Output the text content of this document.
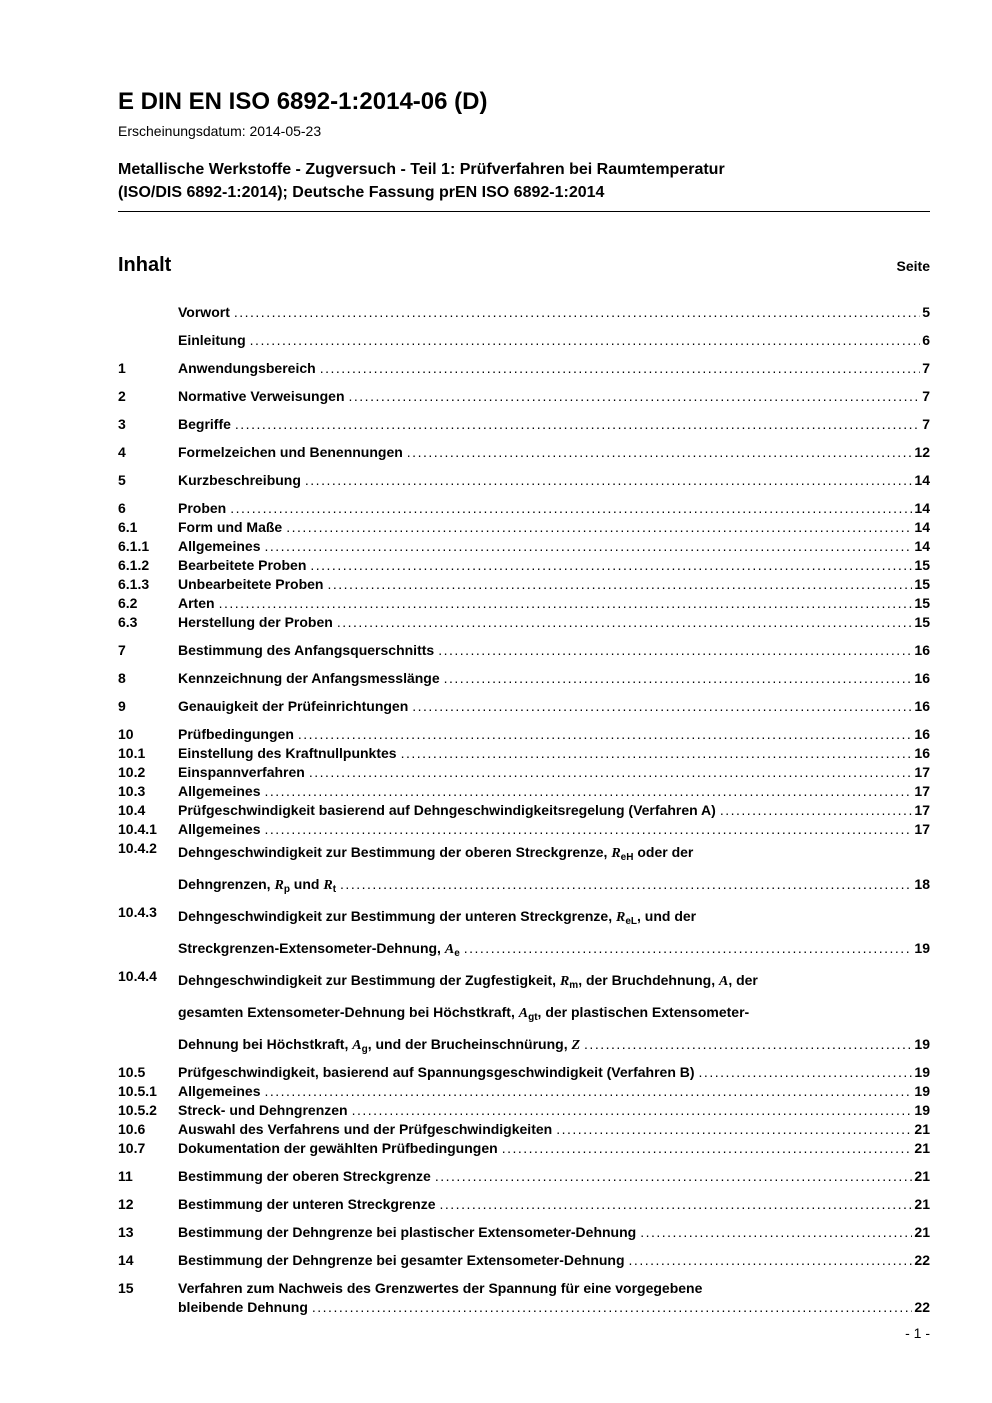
E DIN EN ISO 6892-1:2014-06 (D)
Erscheinungsdatum: 2014-05-23
Metallische Werkstoffe - Zugversuch - Teil 1: Prüfverfahren bei Raumtemperatur
(ISO/DIS 6892-1:2014); Deutsche Fassung prEN ISO 6892-1:2014
Inhalt	Seite
Vorwort .....	5
Einleitung .....	6
1	Anwendungsbereich .....	7
2	Normative Verweisungen .....	7
3	Begriffe .....	7
4	Formelzeichen und Benennungen .....	12
5	Kurzbeschreibung .....	14
6	Proben .....	14
6.1	Form und Maße .....	14
6.1.1	Allgemeines .....	14
6.1.2	Bearbeitete Proben .....	15
6.1.3	Unbearbeitete Proben .....	15
6.2	Arten .....	15
6.3	Herstellung der Proben .....	15
7	Bestimmung des Anfangsquerschnitts .....	16
8	Kennzeichnung der Anfangsmesslänge .....	16
9	Genauigkeit der Prüfeinrichtungen .....	16
10	Prüfbedingungen .....	16
10.1	Einstellung des Kraftnullpunktes .....	16
10.2	Einspannverfahren .....	17
10.3	Allgemeines .....	17
10.4	Prüfgeschwindigkeit basierend auf Dehngeschwindigkeitsregelung (Verfahren A) .....	17
10.4.1	Allgemeines .....	17
10.4.2	Dehngeschwindigkeit zur Bestimmung der oberen Streckgrenze, $R_{eH}$ oder der
Dehngrenzen, $R_p$ und $R_t$ .....	18
10.4.3	Dehngeschwindigkeit zur Bestimmung der unteren Streckgrenze, $R_{eL}$, und der
Streckgrenzen-Extensometer-Dehnung, $A_e$ .....	19
10.4.4	Dehngeschwindigkeit zur Bestimmung der Zugfestigkeit, $R_m$, der Bruchdehnung, A, der
gesamten Extensometer-Dehnung bei Höchstkraft, $A_{gt}$, der plastischen Extensometer-
Dehnung bei Höchstkraft, $A_g$, und der Brucheinschnürung, Z .....	19
10.5	Prüfgeschwindigkeit, basierend auf Spannungsgeschwindigkeit (Verfahren B) .....	19
10.5.1	Allgemeines .....	19
10.5.2	Streck- und Dehngrenzen .....	19
10.6	Auswahl des Verfahrens und der Prüfgeschwindigkeiten .....	21
10.7	Dokumentation der gewählten Prüfbedingungen .....	21
11	Bestimmung der oberen Streckgrenze .....	21
12	Bestimmung der unteren Streckgrenze .....	21
13	Bestimmung der Dehngrenze bei plastischer Extensometer-Dehnung .....	21
14	Bestimmung der Dehngrenze bei gesamter Extensometer-Dehnung .....	22
15	Verfahren zum Nachweis des Grenzwertes der Spannung für eine vorgegebene
bleibende Dehnung .....	22
- 1 -
